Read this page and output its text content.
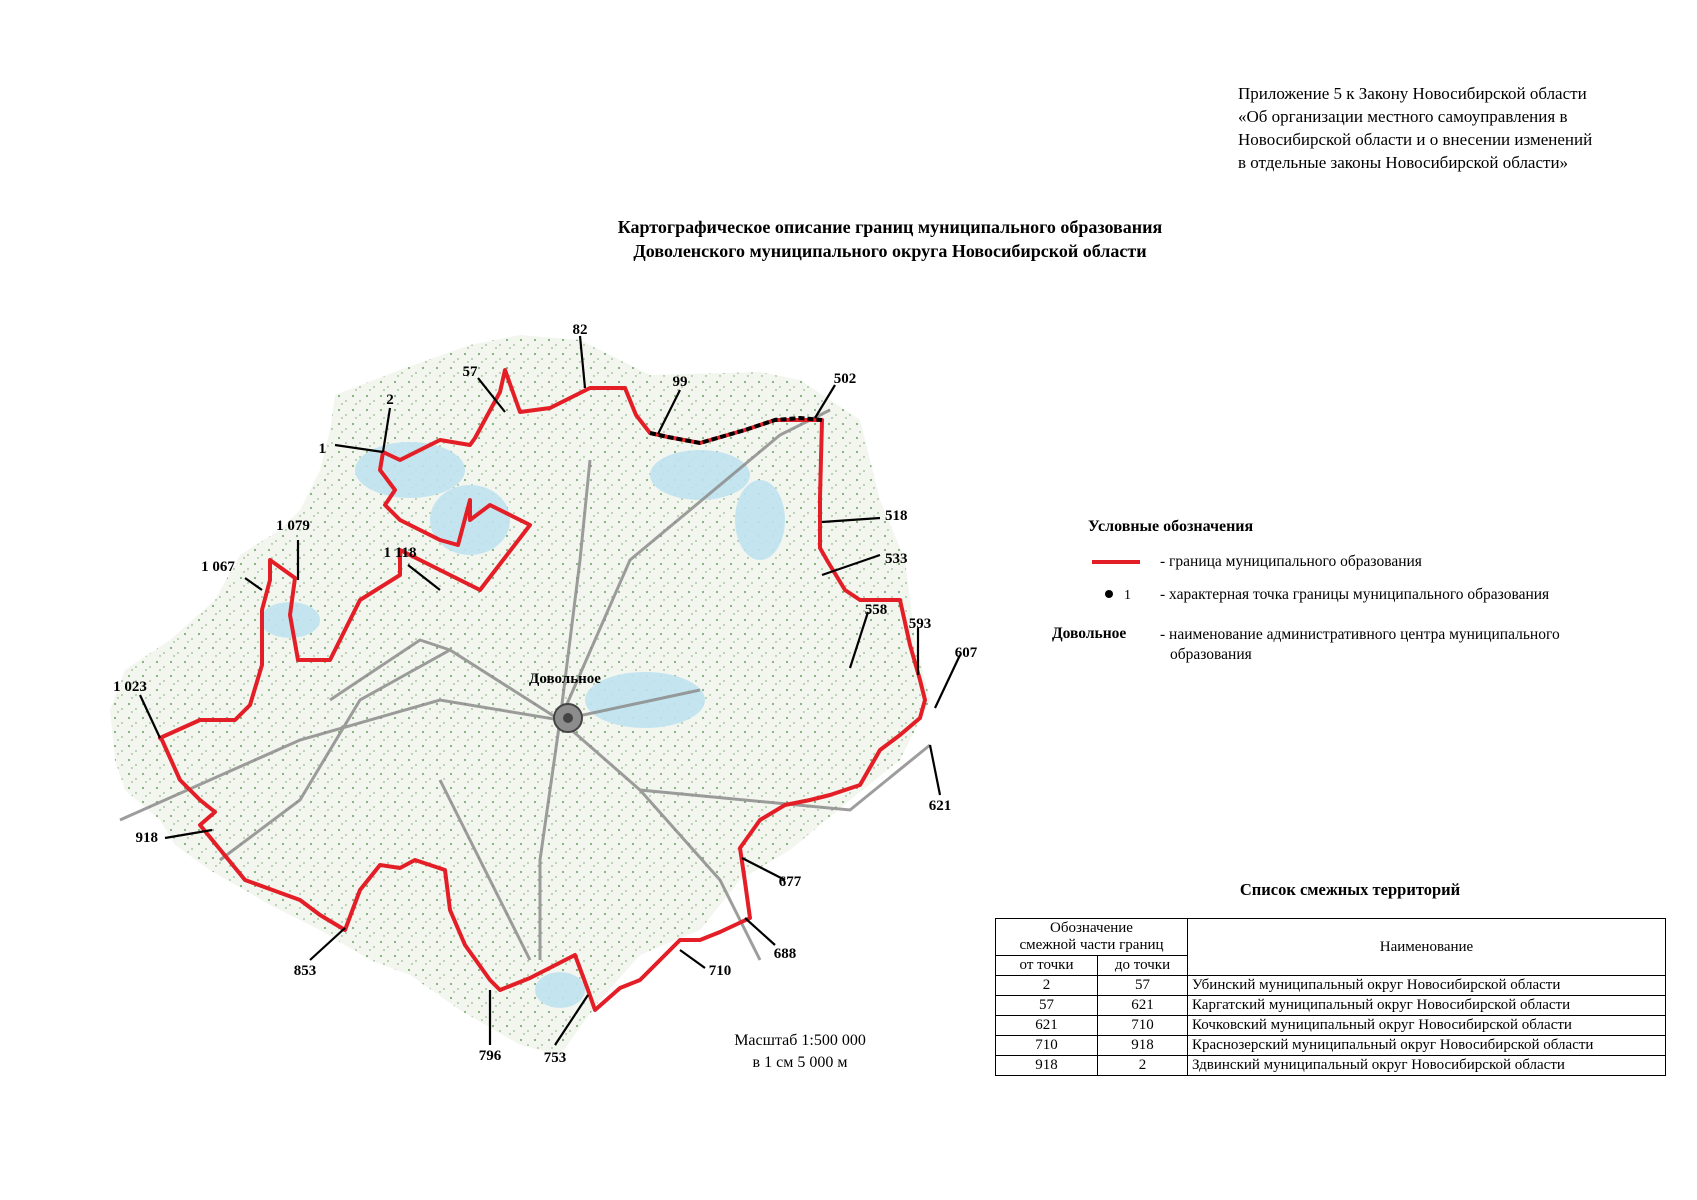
Приложение 5 к Закону Новосибирской области
«Об организации местного самоуправления в
Новосибирской области и о внесении изменений
в отдельные законы Новосибирской области»
Картографическое описание границ муниципального образования
Доволенского муниципального округа Новосибирской области
1
2
57
82
99	502
518
533
558
593
607
621
677
688
710
753
796
853
918
1 023
1 067
1 079
1 118
Довольное
Условные обозначения
- граница муниципального образования
1 - характерная точка границы муниципального образования
Довольное - наименование административного центра муниципального
образования
Масштаб 1:500 000
в 1 см 5 000 м
Список смежных территорий
Обозначение
смежной части границ		Наименование
от точки	до точки	
2	57	Убинский муниципальный округ Новосибирской области
57	621	Каргатский муниципальный округ Новосибирской области
621	710	Кочковский муниципальный округ Новосибирской области
710	918	Краснозерский муниципальный округ Новосибирской области
918	2	Здвинский муниципальный округ Новосибирской области
